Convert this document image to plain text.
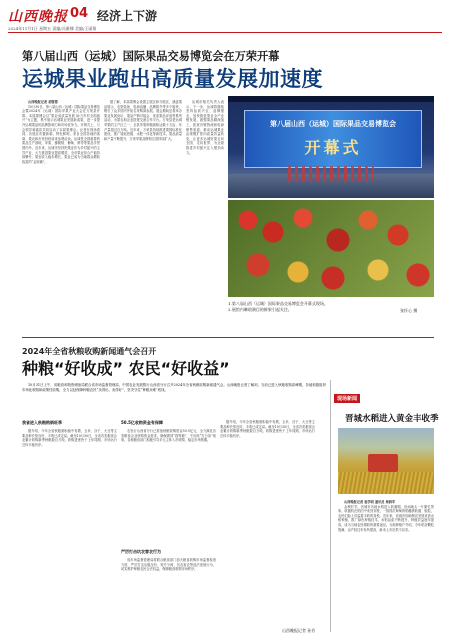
山西晚报 04 经济上下游
2024年11月1日 星期五 责编/冯雅娜 美编/王丽翔
第八届山西（运城）国际果品交易博览会在万荣开幕
运城果业跑出高质量发展加速度

山西晚报记者 胡蓉蓉

10月30日，第八届山西（运城）国际果品交易博览会暨2024年（运城）国际苹果产业大会在万荣县开幕。本届果博会以“果业高质量发展 助力乡村全面振兴”为主题，集中展示运城果业发展新成果，进一步提升运城果品的品牌影响力和市场竞争力。开幕式上，与会领导和嘉宾共同启动了本届果博会。记者在现场看到，各展区布置新颖，特色鲜明，来自全国各地的客商、果农和市民纷纷前来参观洽谈。运城是全国重要的果品生产基地，苹果、猕猴桃、葡萄、鲜枣等果品享誉国内外。近年来，运城市坚持把果业作为乡村振兴的主导产业，大力推进果业提质增效，全市果业综合产值持续攀升，果农收入稳步增长，果业已成为当地群众增收致富的“金饭碗”。

据了解，本届果博会设置主展区和分展区，涵盖果品展示、农资装备、电商直播、品牌推介等多个板块，吸引了众多国内外知名采购商参展。展会期间还将举办果业发展论坛、果品产销对接会、优质果品评选等系列活动，为果农和企业搭建交流合作平台。万荣县是运城苹果的主产区之一，全县苹果种植面积达数十万亩，年产量超过百万吨。近年来，万荣县持续推进果园标准化建设，推广矮砧密植、水肥一体化等新技术，果品质量和产量不断提升，万荣苹果品牌知名度持续扩大。

运城市相关负责人表示，下一步，运城将继续坚持品质兴农、品牌强农，加快推进果业全产业链发展，做强果品精深加工，拓宽冷链物流和电商销售渠道，推动运城果业由规模扩张向质量效益转变，让更多运城好果走向全国、走向世界，为全面推进乡村振兴注入强劲动力。

第八届山西（运城）国际果品交易博览会
开幕式
1.第八届山西（运城）国际果品交易博览会开幕式现场。
2.展馆内琳琅满目的鲜果引起关注。	张怀心 摄
2024年全省秋粮收购新闻通气会召开
种粮“好收成” 农民“好收益”

10月31日上午，省粮食和物资储备局联合省市场监督管理局、中国农业发展银行山西省分行召开2024年全省秋粮收购新闻通气会。山西晚报记者了解到，当前已进入秋粮收购高峰期，各地积极组织市场化收购和政策性收购，全力以赴保障种粮农民“卖得出、卖得好”，坚决守住“种粮卖难”底线。

我省进入秋粮购销旺季

据介绍，今年全省秋粮面积稳中有增，玉米、谷子、大豆等主要品种长势良好，丰收已成定局。截至10月30日，全省各类粮食企业累计收购新季秋粮数百万吨，收购进度快于上年同期，市场运行总体平稳有序。

50.5亿收购资金有保障

农发行山西省分行已准备秋粮收购资金50.5亿元，全力满足各类粮食企业收购资金需求，确保做到“钱等粮”，不出现“打白条”现象。各地粮食部门积极引导多元主体入市收购，稳定市场预期。

严厉打击坑农害农行为

省市场监督管理局将联合粮食部门加大粮食收购市场监督检查力度，严厉打击压级压价、短斤少两、坑农害农等违法违规行为，切实维护种粮农民合法权益，保障粮食收购市场秩序。

据介绍，今年全省秋粮面积稳中有增，玉米、谷子、大豆等主要品种长势良好，丰收已成定局。截至10月30日，全省各类粮食企业累计收购新季秋粮数百万吨，收购进度快于上年同期，市场运行总体平稳有序。

山西晚报记者 孙芳
现场新闻
晋城水稻进入黄金丰收季

山西晚报记者 崔学明 通讯员 杨润军

金秋时节，晋城市各地水稻进入收割期，田间地头一片繁忙景象。收割机在稻田中来回穿梭，一排排沉甸甸的稻穗被收割、脱粒，农民们脸上洋溢着丰收的喜悦。近年来，晋城市因地制宜发展优质水稻种植，推广绿色种植技术，水稻品质不断提升，种植效益逐年提高，成为当地农民增收的重要途径。当地种植户介绍，今年稻谷颗粒饱满，亩产较往年有所提高，新米上市后供不应求。
